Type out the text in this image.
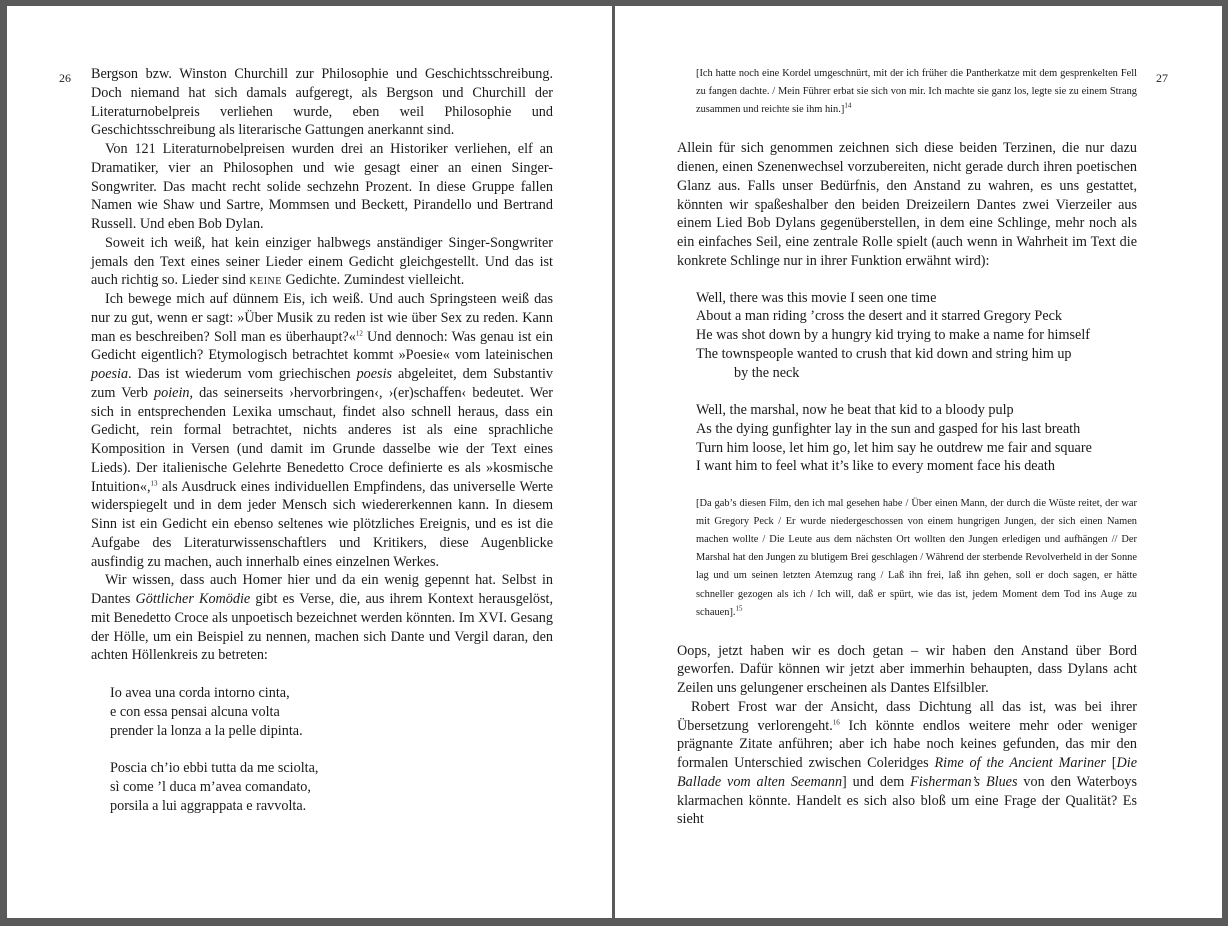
26 Bergson bzw. Winston Churchill zur Philosophie und Geschichtsschreibung. Doch niemand hat sich damals aufgeregt, als Bergson und Churchill der Literaturnobelpreis verliehen wurde, eben weil Philosophie und Geschichtsschreibung als literarische Gattungen anerkannt sind.

Von 121 Literaturnobelpreisen wurden drei an Historiker verliehen, elf an Dramatiker, vier an Philosophen und wie gesagt einer an einen Singer-Songwriter. Das macht recht solide sechzehn Prozent. In diese Gruppe fallen Namen wie Shaw und Sartre, Mommsen und Beckett, Pirandello und Bertrand Russell. Und eben Bob Dylan.

Soweit ich weiß, hat kein einziger halbwegs anständiger Singer-Songwriter jemals den Text eines seiner Lieder einem Gedicht gleichgestellt. Und das ist auch richtig so. Lieder sind keine Gedichte. Zumindest vielleicht.

Ich bewege mich auf dünnem Eis, ich weiß. Und auch Springsteen weiß das nur zu gut, wenn er sagt: »Über Musik zu reden ist wie über Sex zu reden. Kann man es beschreiben? Soll man es überhaupt?«$^{12}$ Und dennoch: Was genau ist ein Gedicht eigentlich? Etymologisch betrachtet kommt »Poesie« vom lateinischen poesia. Das ist wiederum vom griechischen poesis abgeleitet, dem Substantiv zum Verb poiein, das seinerseits ›hervorbringen‹, ›(er)schaffen‹ bedeutet. Wer sich in entsprechenden Lexika umschaut, findet also schnell heraus, dass ein Gedicht, rein formal betrachtet, nichts anderes ist als eine sprachliche Komposition in Versen (und damit im Grunde dasselbe wie der Text eines Lieds). Der italienische Gelehrte Benedetto Croce definierte es als »kosmische Intuition«,$^{13}$ als Ausdruck eines individuellen Empfindens, das universelle Werte widerspiegelt und in dem jeder Mensch sich wiedererkennen kann. In diesem Sinn ist ein Gedicht ein ebenso seltenes wie plötzliches Ereignis, und es ist die Aufgabe des Literaturwissenschaftlers und Kritikers, diese Augenblicke ausfindig zu machen, auch innerhalb eines einzelnen Werkes.

Wir wissen, dass auch Homer hier und da ein wenig gepennt hat. Selbst in Dantes Göttlicher Komödie gibt es Verse, die, aus ihrem Kontext herausgelöst, mit Benedetto Croce als unpoetisch bezeichnet werden könnten. Im XVI. Gesang der Hölle, um ein Beispiel zu nennen, machen sich Dante und Vergil daran, den achten Höllenkreis zu betreten:

Io avea una corda intorno cinta,
e con essa pensai alcuna volta
prender la lonza a la pelle dipinta.
Poscia ch’io ebbi tutta da me sciolta,
sì come ’l duca m’avea comandato,
porsila a lui aggrappata e ravvolta.
27

[Ich hatte noch eine Kordel umgeschnürt, mit der ich früher die Pantherkatze mit dem gesprenkelten Fell zu fangen dachte. / Mein Führer erbat sie sich von mir. Ich machte sie ganz los, legte sie zu einem Strang zusammen und reichte sie ihm hin.]$^{14}$

Allein für sich genommen zeichnen sich diese beiden Terzinen, die nur dazu dienen, einen Szenenwechsel vorzubereiten, nicht gerade durch ihren poetischen Glanz aus. Falls unser Bedürfnis, den Anstand zu wahren, es uns gestattet, könnten wir spaßeshalber den beiden Dreizeilern Dantes zwei Vierzeiler aus einem Lied Bob Dylans gegenüberstellen, in dem eine Schlinge, mehr noch als ein einfaches Seil, eine zentrale Rolle spielt (auch wenn in Wahrheit im Text die konkrete Schlinge nur in ihrer Funktion erwähnt wird):

Well, there was this movie I seen one time
About a man riding ’cross the desert and it starred Gregory Peck
He was shot down by a hungry kid trying to make a name for himself
The townspeople wanted to crush that kid down and string him up
by the neck
Well, the marshal, now he beat that kid to a bloody pulp
As the dying gunfighter lay in the sun and gasped for his last breath
Turn him loose, let him go, let him say he outdrew me fair and square
I want him to feel what it’s like to every moment face his death

[Da gab’s diesen Film, den ich mal gesehen habe / Über einen Mann, der durch die Wüste reitet, der war mit Gregory Peck / Er wurde niedergeschossen von einem hungrigen Jungen, der sich einen Namen machen wollte / Die Leute aus dem nächsten Ort wollten den Jungen erledigen und aufhängen // Der Marshal hat den Jungen zu blutigem Brei geschlagen / Während der sterbende Revolverheld in der Sonne lag und um seinen letzten Atemzug rang / Laß ihn frei, laß ihn gehen, soll er doch sagen, er hätte schneller gezogen als ich / Ich will, daß er spürt, wie das ist, jedem Moment dem Tod ins Auge zu schauen].$^{15}$

Oops, jetzt haben wir es doch getan – wir haben den Anstand über Bord geworfen. Dafür können wir jetzt aber immerhin behaupten, dass Dylans acht Zeilen uns gelungener erscheinen als Dantes Elfsilbler.

Robert Frost war der Ansicht, dass Dichtung all das ist, was bei ihrer Übersetzung verlorengeht.$^{16}$ Ich könnte endlos weitere mehr oder weniger prägnante Zitate anführen; aber ich habe noch keines gefunden, das mir den formalen Unterschied zwischen Coleridges Rime of the Ancient Mariner [Die Ballade vom alten Seemann] und dem Fisherman’s Blues von den Waterboys klarmachen könnte. Handelt es sich also bloß um eine Frage der Qualität? Es sieht
